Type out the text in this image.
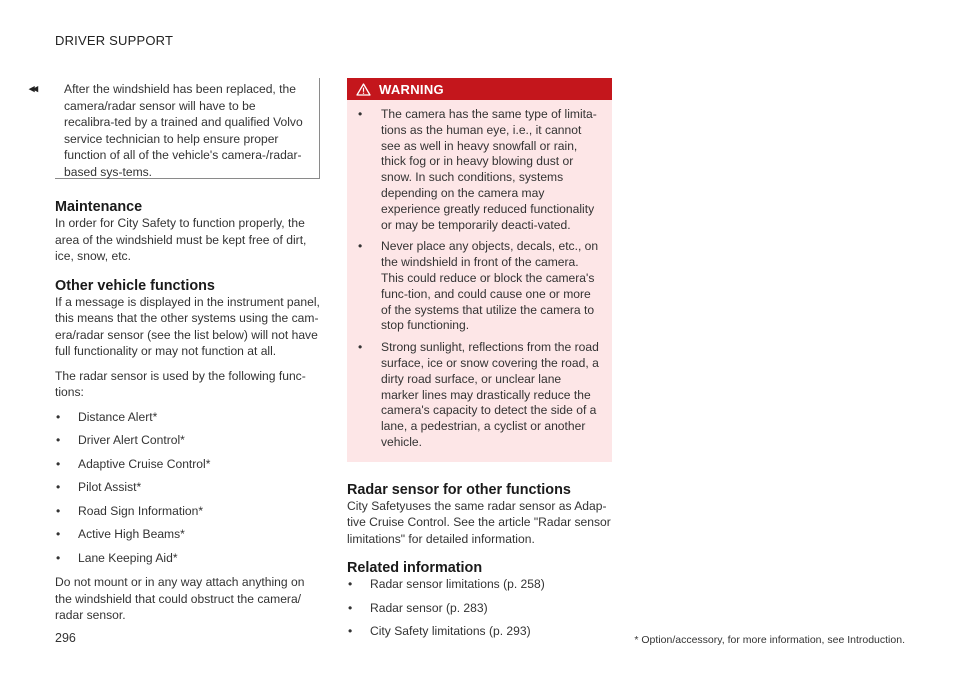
DRIVER SUPPORT
◂◂	After the windshield has been replaced, the camera/radar sensor will have to be recalibra-ted by a trained and qualified Volvo service technician to help ensure proper function of all of the vehicle's camera-/radar-based sys-tems.
Maintenance
In order for City Safety to function properly, the area of the windshield must be kept free of dirt, ice, snow, etc.
Other vehicle functions
If a message is displayed in the instrument panel, this means that the other systems using the cam-era/radar sensor (see the list below) will not have full functionality or may not function at all.
The radar sensor is used by the following func-tions:
•	Distance Alert*
•	Driver Alert Control*
•	Adaptive Cruise Control*
•	Pilot Assist*
•	Road Sign Information*
•	Active High Beams*
•	Lane Keeping Aid*
Do not mount or in any way attach anything on the windshield that could obstruct the camera/ radar sensor.
WARNING
•	The camera has the same type of limita-tions as the human eye, i.e., it cannot see as well in heavy snowfall or rain, thick fog or in heavy blowing dust or snow. In such conditions, systems depending on the camera may experience greatly reduced functionality or may be temporarily deacti-vated.
•	Never place any objects, decals, etc., on the windshield in front of the camera. This could reduce or block the camera's func-tion, and could cause one or more of the systems that utilize the camera to stop functioning.
•	Strong sunlight, reflections from the road surface, ice or snow covering the road, a dirty road surface, or unclear lane marker lines may drastically reduce the camera's capacity to detect the side of a lane, a pedestrian, a cyclist or another vehicle.
Radar sensor for other functions
City Safetyuses the same radar sensor as Adap-tive Cruise Control. See the article "Radar sensor limitations" for detailed information.
Related information
•	Radar sensor limitations (p. 258)
•	Radar sensor (p. 283)
•	City Safety limitations (p. 293)
296	* Option/accessory, for more information, see Introduction.
